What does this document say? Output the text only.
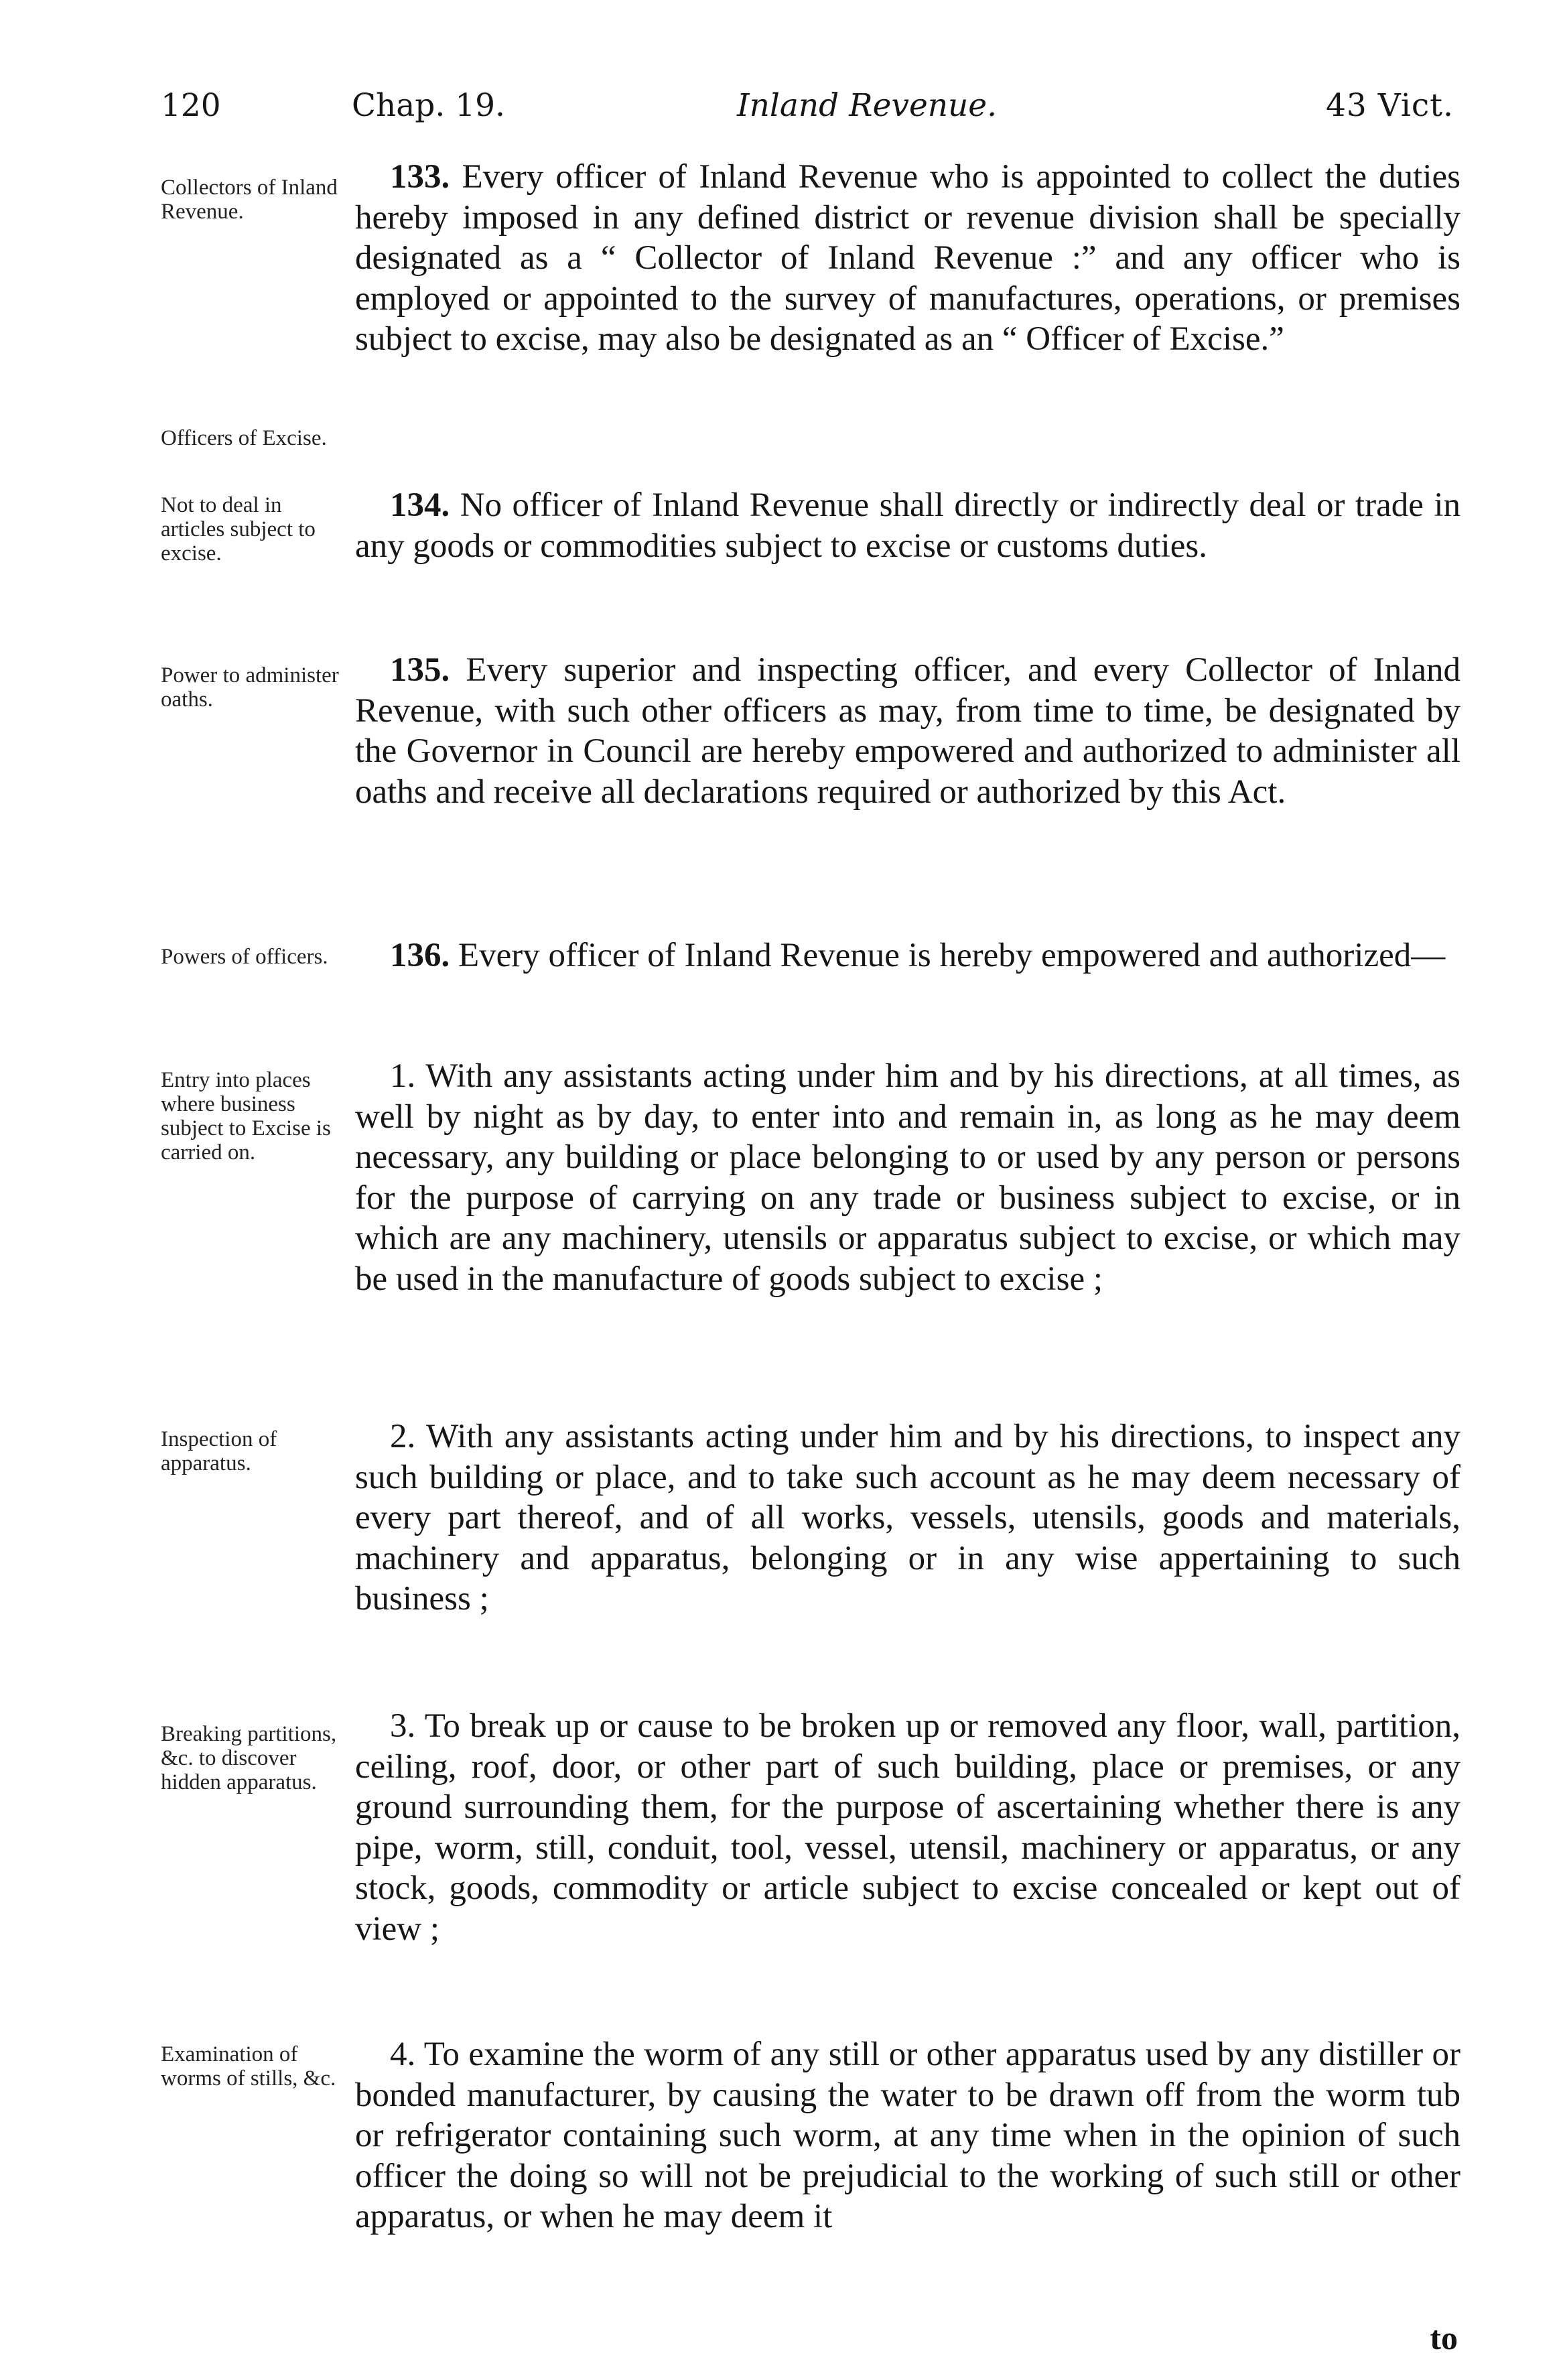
120	Chap. 19.	Inland Revenue.	43 Vict.
Collectors of Inland Revenue.

133. Every officer of Inland Revenue who is appointed to collect the duties hereby imposed in any defined district or revenue division shall be specially designated as a “ Collector of Inland Revenue :” and any officer who is employed or appointed to the survey of manufactures, operations, or premises subject to excise, may also be designated as an “ Officer of Excise.”

Officers of Excise.
Not to deal in articles subject to excise.

134. No officer of Inland Revenue shall directly or indirectly deal or trade in any goods or commodities subject to excise or customs duties.

Power to administer oaths.

135. Every superior and inspecting officer, and every Collector of Inland Revenue, with such other officers as may, from time to time, be designated by the Governor in Council are hereby empowered and authorized to administer all oaths and receive all declarations required or authorized by this Act.

Powers of officers.	136. Every officer of Inland Revenue is hereby empowered and authorized—

Entry into places where business subject to Excise is carried on.

1. With any assistants acting under him and by his directions, at all times, as well by night as by day, to enter into and remain in, as long as he may deem necessary, any building or place belonging to or used by any person or persons for the purpose of carrying on any trade or business subject to excise, or in which are any machinery, utensils or apparatus subject to excise, or which may be used in the manufacture of goods subject to excise ;

Inspection of apparatus.

2. With any assistants acting under him and by his directions, to inspect any such building or place, and to take such account as he may deem necessary of every part thereof, and of all works, vessels, utensils, goods and materials, machinery and apparatus, belonging or in any wise appertaining to such business ;

Breaking partitions, &c. to discover hidden apparatus.

3. To break up or cause to be broken up or removed any floor, wall, partition, ceiling, roof, door, or other part of such building, place or premises, or any ground surrounding them, for the purpose of ascertaining whether there is any pipe, worm, still, conduit, tool, vessel, utensil, machinery or apparatus, or any stock, goods, commodity or article subject to excise concealed or kept out of view ;

Examination of worms of stills, &c.

4. To examine the worm of any still or other apparatus used by any distiller or bonded manufacturer, by causing the water to be drawn off from the worm tub or refrigerator containing such worm, at any time when in the opinion of such officer the doing so will not be prejudicial to the working of such still or other apparatus, or when he may deem it

to
